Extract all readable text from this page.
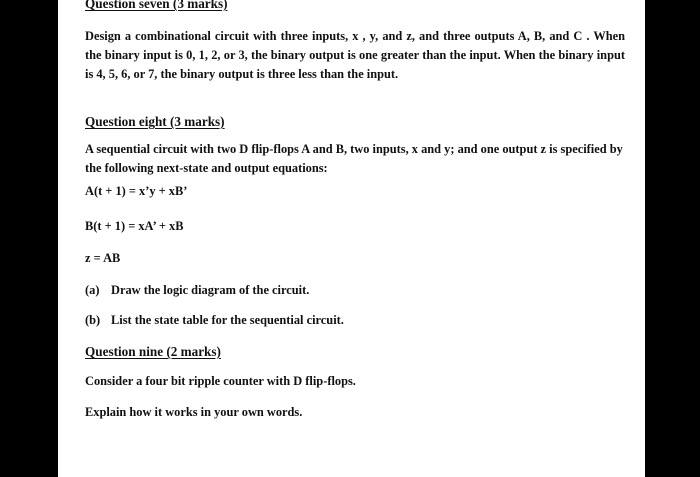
Question seven (3 marks)

Design a combinational circuit with three inputs, x , y, and z, and three outputs A, B, and C . When the binary input is 0, 1, 2, or 3, the binary output is one greater than the input. When the binary input is 4, 5, 6, or 7, the binary output is three less than the input.

Question eight (3 marks)

A sequential circuit with two D flip-flops A and B, two inputs, x and y; and one output z is specified by the following next-state and output equations:

A(t + 1) = x’y + xB’

B(t + 1) = xA’ + xB

z = AB

(a) Draw the logic diagram of the circuit.

(b) List the state table for the sequential circuit.

Question nine (2 marks)

Consider a four bit ripple counter with D flip-flops.

Explain how it works in your own words.
